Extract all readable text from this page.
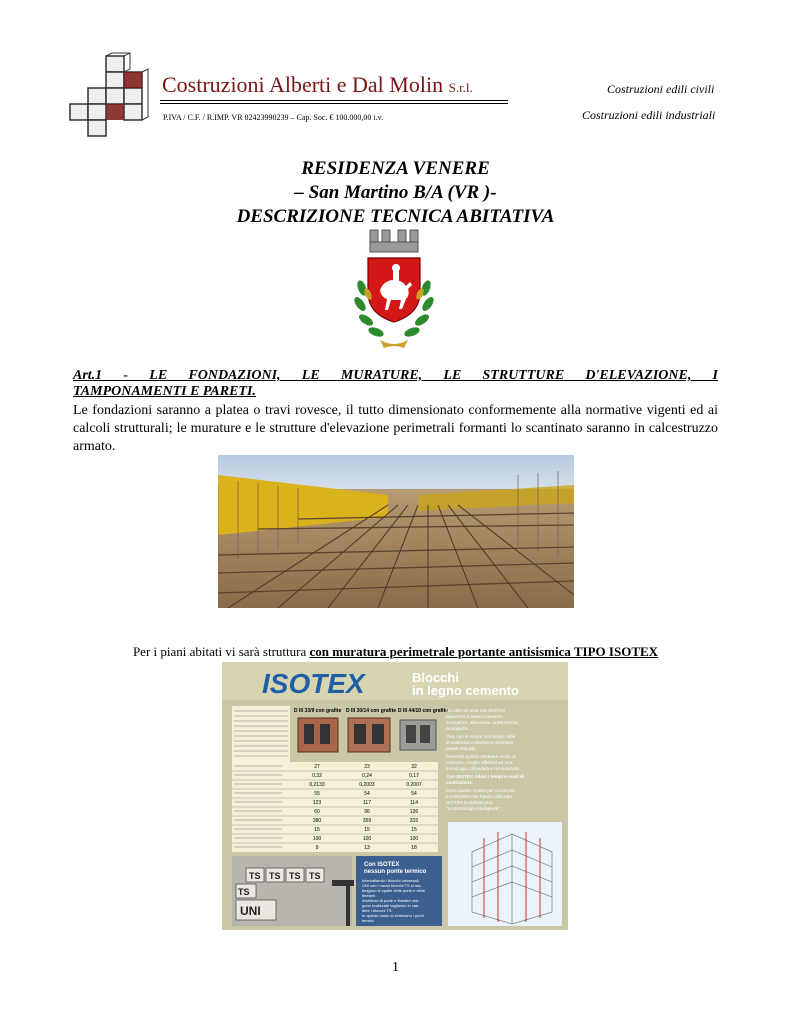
Costruzioni Alberti e Dal Molin S.r.l.
P.IVA / C.F. / R.IMP. VR 02423990239 – Cap. Soc. € 100.000,00 i.v.
Costruzioni edili civili
Costruzioni edili industriali
RESIDENZA VENERE
– San Martino B/A (VR )-
DESCRIZIONE TECNICA ABITATIVA
Art.1 - LE FONDAZIONI, LE MURATURE, LE STRUTTURE D'ELEVAZIONE, I
TAMPONAMENTI E PARETI.
Le fondazioni saranno a platea o travi rovesce, il tutto dimensionato conformemente alla normative vigenti ed ai calcoli strutturali; le murature e le strutture d'elevazione perimetrali formanti lo scantinato saranno in calcestruzzo armato.
Per i piani abitati vi sarà struttura con muratura perimetrale portante antisismica TIPO ISOTEX
ISOTEX	Blocchi
in legno cemento
D III 33/9 con grafite D III 30/14 con grafite D III 44/10 con grafite
27	23	32
0,32	0,24	0,17
0,2133	0,2003	0,2007
55	54	54
123	117	114
60	96	126
380	359	315
15	15	15
100	100	100
9	13	18
Da oltre 60 anni con ISOTEX
abitazioni a basso consumo
energetico, silenziose, antisismiche,
ecologiche...
Ora, con le nuove normative, tutte
le costruzioni dovranno rispettare
questi requisiti.
Dovendo quindi cambiare modo di
costruire, meglio affidarsi ad una
tecnologia collaudata e riconosciuta.
Con ISOTEX riduci i tempi e costi di
costruzione.
Sono questi i motivi per cui tecnici
e costruttori che hanno utilizzato
ISOTEX la definiscono:
"La tecnologia intelligente".
TS TS TS TS
TS
UNI
Con ISOTEX
nessun ponte termico
Intervallando i blocchi universali
UNI con i mezzi blocchi TS si ma-
tengono le spalle delle porte e delle
finestre.
Architravi di porte e finestre ven-
gono realizzate tagliando in can-
tiere i blocchi TS.
In questo modo si eliminano i ponti
termici
1
